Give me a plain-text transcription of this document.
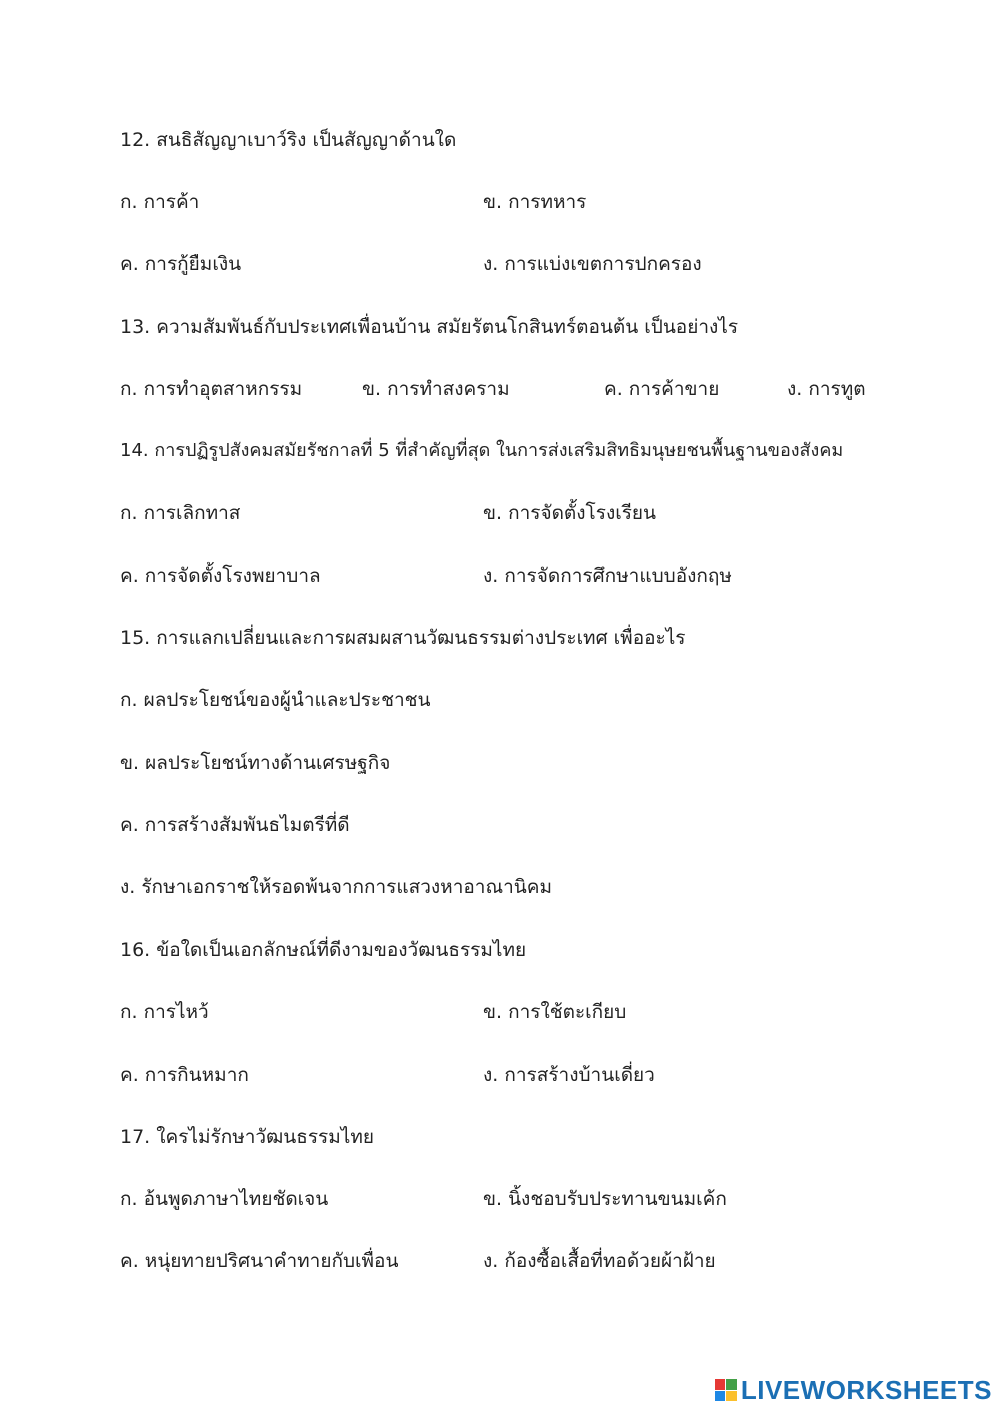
12. สนธิสัญญาเบาว์ริง เป็นสัญญาด้านใด
ก. การค้า	ข. การทหาร
ค. การกู้ยืมเงิน	ง. การแบ่งเขตการปกครอง
13. ความสัมพันธ์กับประเทศเพื่อนบ้าน สมัยรัตนโกสินทร์ตอนต้น เป็นอย่างไร
ก. การทำอุตสาหกรรม	ข. การทำสงคราม	ค. การค้าขาย	ง. การทูต
14. การปฏิรูปสังคมสมัยรัชกาลที่ 5 ที่สำคัญที่สุด ในการส่งเสริมสิทธิมนุษยชนพื้นฐานของสังคม
ก. การเลิกทาส	ข. การจัดตั้งโรงเรียน
ค. การจัดตั้งโรงพยาบาล	ง. การจัดการศึกษาแบบอังกฤษ
15. การแลกเปลี่ยนและการผสมผสานวัฒนธรรมต่างประเทศ เพื่ออะไร
ก. ผลประโยชน์ของผู้นำและประชาชน
ข. ผลประโยชน์ทางด้านเศรษฐกิจ
ค. การสร้างสัมพันธไมตรีที่ดี
ง. รักษาเอกราชให้รอดพ้นจากการแสวงหาอาณานิคม
16. ข้อใดเป็นเอกลักษณ์ที่ดีงามของวัฒนธรรมไทย
ก. การไหว้	ข. การใช้ตะเกียบ
ค. การกินหมาก	ง. การสร้างบ้านเดี่ยว
17. ใครไม่รักษาวัฒนธรรมไทย
ก. อ้นพูดภาษาไทยชัดเจน	ข. นิ้งชอบรับประทานขนมเค้ก
ค. หนุ่ยทายปริศนาคำทายกับเพื่อน	ง. ก้องซื้อเสื้อที่ทอด้วยผ้าฝ้าย
LIVEWORKSHEETS
